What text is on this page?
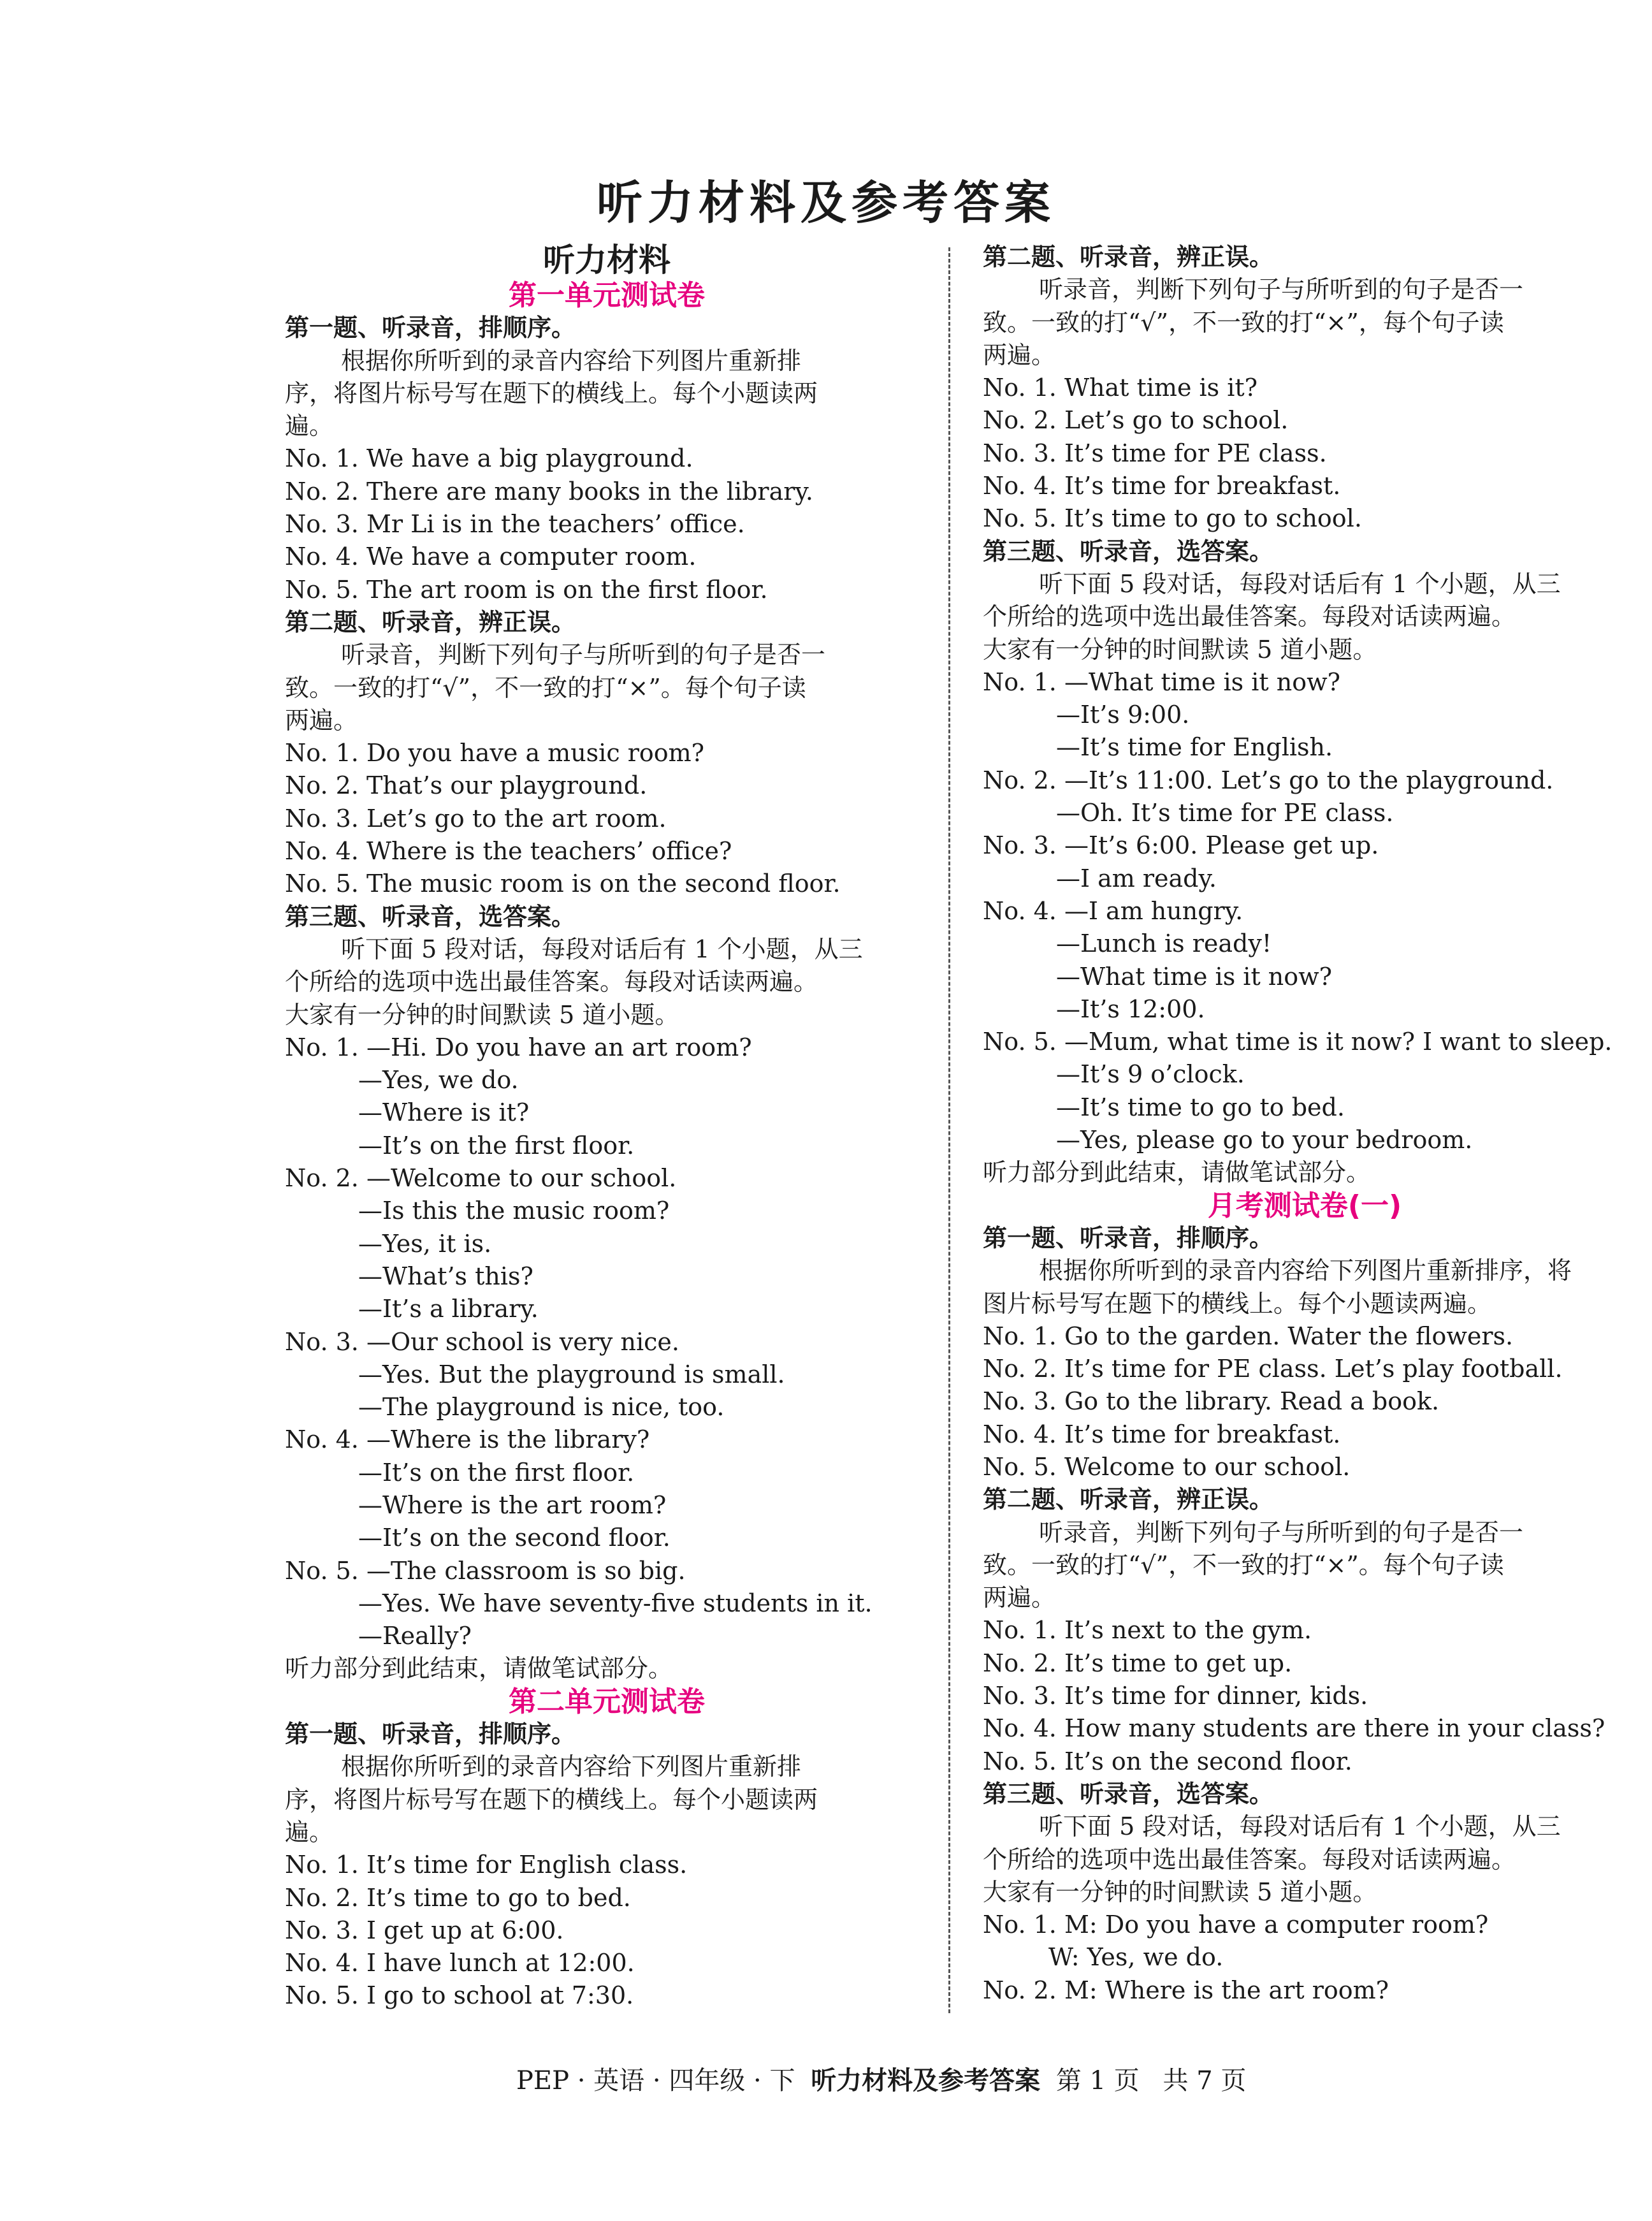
听力材料及参考答案
听力材料
第一单元测试卷
第一题、听录音，排顺序。
根据你所听到的录音内容给下列图片重新排
序，将图片标号写在题下的横线上。每个小题读两
遍。
No. 1. We have a big playground.
No. 2. There are many books in the library.
No. 3. Mr Li is in the teachers’ office.
No. 4. We have a computer room.
No. 5. The art room is on the first floor.
第二题、听录音，辨正误。
听录音，判断下列句子与所听到的句子是否一
致。一致的打“√”，不一致的打“×”。每个句子读
两遍。
No. 1. Do you have a music room?
No. 2. That’s our playground.
No. 3. Let’s go to the art room.
No. 4. Where is the teachers’ office?
No. 5. The music room is on the second floor.
第三题、听录音，选答案。
听下面 5 段对话，每段对话后有 1 个小题，从三
个所给的选项中选出最佳答案。每段对话读两遍。
大家有一分钟的时间默读 5 道小题。
No. 1. —Hi. Do you have an art room?
—Yes, we do.
—Where is it?
—It’s on the first floor.
No. 2. —Welcome to our school.
—Is this the music room?
—Yes, it is.
—What’s this?
—It’s a library.
No. 3. —Our school is very nice.
—Yes. But the playground is small.
—The playground is nice, too.
No. 4. —Where is the library?
—It’s on the first floor.
—Where is the art room?
—It’s on the second floor.
No. 5. —The classroom is so big.
—Yes. We have seventy-five students in it.
—Really?
听力部分到此结束，请做笔试部分。
第二单元测试卷
第一题、听录音，排顺序。
根据你所听到的录音内容给下列图片重新排
序，将图片标号写在题下的横线上。每个小题读两
遍。
No. 1. It’s time for English class.
No. 2. It’s time to go to bed.
No. 3. I get up at 6:00.
No. 4. I have lunch at 12:00.
No. 5. I go to school at 7:30.
第二题、听录音，辨正误。
听录音，判断下列句子与所听到的句子是否一
致。一致的打“√”，不一致的打“×”，每个句子读
两遍。
No. 1. What time is it?
No. 2. Let’s go to school.
No. 3. It’s time for PE class.
No. 4. It’s time for breakfast.
No. 5. It’s time to go to school.
第三题、听录音，选答案。
听下面 5 段对话，每段对话后有 1 个小题，从三
个所给的选项中选出最佳答案。每段对话读两遍。
大家有一分钟的时间默读 5 道小题。
No. 1. —What time is it now?
—It’s 9:00.
—It’s time for English.
No. 2. —It’s 11:00. Let’s go to the playground.
—Oh. It’s time for PE class.
No. 3. —It’s 6:00. Please get up.
—I am ready.
No. 4. —I am hungry.
—Lunch is ready!
—What time is it now?
—It’s 12:00.
No. 5. —Mum, what time is it now? I want to sleep.
—It’s 9 o’clock.
—It’s time to go to bed.
—Yes, please go to your bedroom.
听力部分到此结束，请做笔试部分。
月考测试卷(一)
第一题、听录音，排顺序。
根据你所听到的录音内容给下列图片重新排序，将
图片标号写在题下的横线上。每个小题读两遍。
No. 1. Go to the garden. Water the flowers.
No. 2. It’s time for PE class. Let’s play football.
No. 3. Go to the library. Read a book.
No. 4. It’s time for breakfast.
No. 5. Welcome to our school.
第二题、听录音，辨正误。
听录音，判断下列句子与所听到的句子是否一
致。一致的打“√”，不一致的打“×”。每个句子读
两遍。
No. 1. It’s next to the gym.
No. 2. It’s time to get up.
No. 3. It’s time for dinner, kids.
No. 4. How many students are there in your class?
No. 5. It’s on the second floor.
第三题、听录音，选答案。
听下面 5 段对话，每段对话后有 1 个小题，从三
个所给的选项中选出最佳答案。每段对话读两遍。
大家有一分钟的时间默读 5 道小题。
No. 1. M: Do you have a computer room?
W: Yes, we do.
No. 2. M: Where is the art room?
PEP · 英语 · 四年级 · 下 听力材料及参考答案 第 1 页 共 7 页
